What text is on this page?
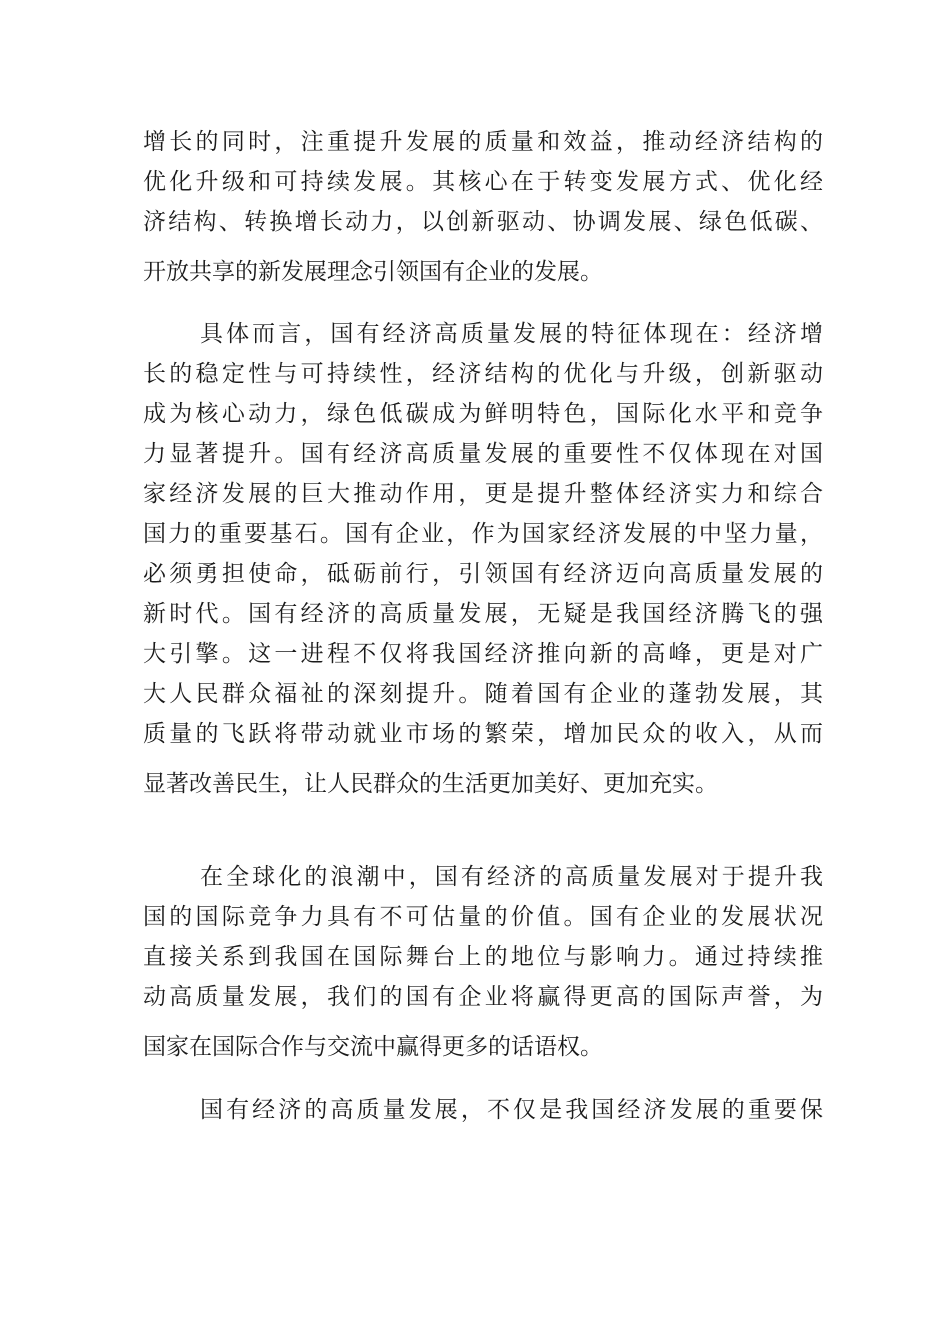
增长的同时，注重提升发展的质量和效益，推动经济结构的
优化升级和可持续发展。其核心在于转变发展方式、优化经
济结构、转换增长动力，以创新驱动、协调发展、绿色低碳、
开放共享的新发展理念引领国有企业的发展。
具体而言，国有经济高质量发展的特征体现在：经济增
长的稳定性与可持续性，经济结构的优化与升级，创新驱动
成为核心动力，绿色低碳成为鲜明特色，国际化水平和竞争
力显著提升。国有经济高质量发展的重要性不仅体现在对国
家经济发展的巨大推动作用，更是提升整体经济实力和综合
国力的重要基石。国有企业，作为国家经济发展的中坚力量，
必须勇担使命，砥砺前行，引领国有经济迈向高质量发展的
新时代。国有经济的高质量发展，无疑是我国经济腾飞的强
大引擎。这一进程不仅将我国经济推向新的高峰，更是对广
大人民群众福祉的深刻提升。随着国有企业的蓬勃发展，其
质量的飞跃将带动就业市场的繁荣，增加民众的收入，从而
显著改善民生，让人民群众的生活更加美好、更加充实。
在全球化的浪潮中，国有经济的高质量发展对于提升我
国的国际竞争力具有不可估量的价值。国有企业的发展状况
直接关系到我国在国际舞台上的地位与影响力。通过持续推
动高质量发展，我们的国有企业将赢得更高的国际声誉，为
国家在国际合作与交流中赢得更多的话语权。
国有经济的高质量发展，不仅是我国经济发展的重要保
